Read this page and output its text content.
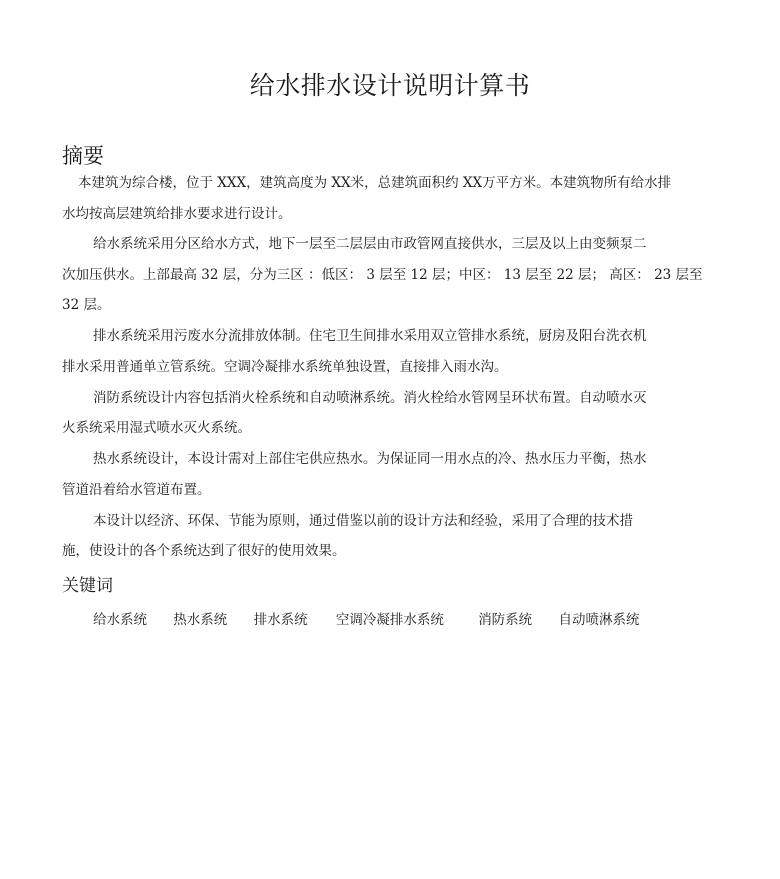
给水排水设计说明计算书
摘要

本建筑为综合楼，位于 XXX，建筑高度为 XX米，总建筑面积约 XX万平方米。本建筑物所有给水排

水均按高层建筑给排水要求进行设计。

给水系统采用分区给水方式，地下一层至二层层由市政管网直接供水，三层及以上由变频泵二

次加压供水。上部最高 32 层，分为三区 ：低区： 3 层至 12 层；中区： 13 层至 22 层； 高区： 23 层至

32 层。

排水系统采用污废水分流排放体制。住宅卫生间排水采用双立管排水系统，厨房及阳台洗衣机

排水采用普通单立管系统。空调冷凝排水系统单独设置，直接排入雨水沟。

消防系统设计内容包括消火栓系统和自动喷淋系统。消火栓给水管网呈环状布置。自动喷水灭

火系统采用湿式喷水灭火系统。

热水系统设计，本设计需对上部住宅供应热水。为保证同一用水点的冷、热水压力平衡，热水

管道沿着给水管道布置。

本设计以经济、环保、节能为原则，通过借鉴以前的设计方法和经验，采用了合理的技术措

施，使设计的各个系统达到了很好的使用效果。

关键词
给水系统 热水系统 排水系统 空调冷凝排水系统	消防系统 自动喷淋系统
